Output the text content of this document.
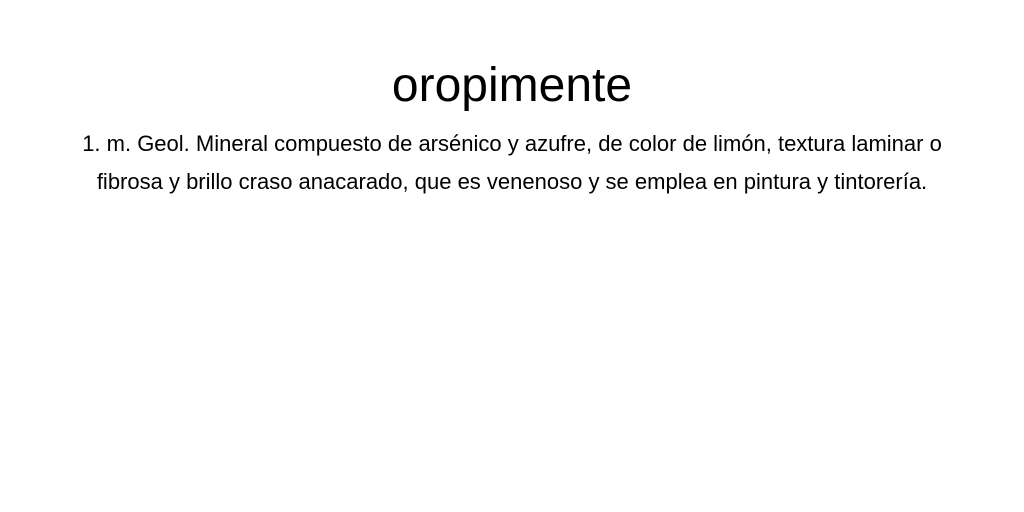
oropimente

1. m. Geol. Mineral compuesto de arsénico y azufre, de color de limón, textura laminar o fibrosa y brillo craso anacarado, que es venenoso y se emplea en pintura y tintorería.
